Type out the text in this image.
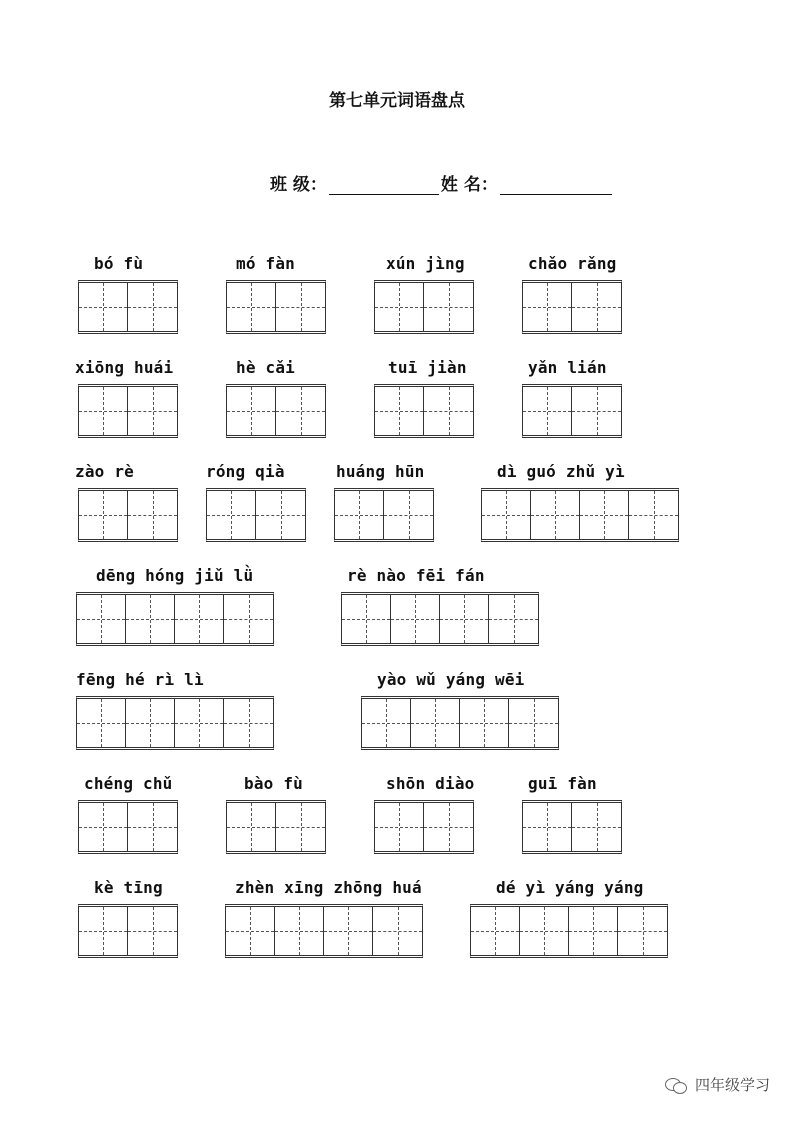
第七单元词语盘点
班 级：	姓 名：
bó fù	mó fàn	xún jìng	chǎo rǎng
xiōng huái	hè cǎi	tuī jiàn	yǎn lián
zào rè	róng qià	huáng hūn	dì guó zhǔ yì
dēng hóng jiǔ lǜ	rè nào fēi fán
fēng hé rì lì	yào wǔ yáng wēi
chéng chǔ	bào fù	shōn diào	guī fàn
kè tīng	zhèn xīng zhōng huá	dé yì yáng yáng
四年级学习
